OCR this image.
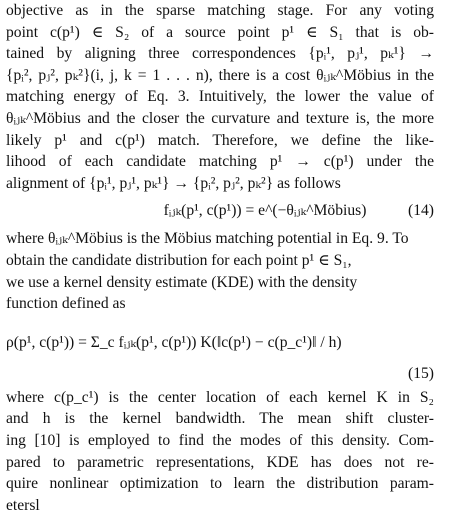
objective as in the sparse matching stage. For any voting
point c(p¹) ∈ S₂ of a source point p¹ ∈ S₁ that is ob-
tained by aligning three correspondences {pᵢ¹, pⱼ¹, pₖ¹} →
{pᵢ², pⱼ², pₖ²}(i, j, k = 1 . . . n), there is a cost θᵢⱼₖ^Möbius in the
matching energy of Eq. 3. Intuitively, the lower the value of
θᵢⱼₖ^Möbius and the closer the curvature and texture is, the more
likely p¹ and c(p¹) match. Therefore, we define the like-
lihood of each candidate matching p¹ → c(p¹) under the
alignment of {pᵢ¹, pⱼ¹, pₖ¹} → {pᵢ², pⱼ², pₖ²} as follows
fᵢⱼₖ(p¹, c(p¹)) = e^(−θᵢⱼₖ^Möbius)	(14)
where θᵢⱼₖ^Möbius is the Möbius matching potential in Eq. 9. To
obtain the candidate distribution for each point p¹ ∈ S₁,
we use a kernel density estimate (KDE) with the density
function defined as
ρ(p¹, c(p¹)) = Σ_c fᵢⱼₖ(p¹, c(p¹)) K(‖c(p¹) − c(p_c¹)‖ / h)
(15)
where c(p_c¹) is the center location of each kernel K in S₂
and h is the kernel bandwidth. The mean shift cluster-
ing [10] is employed to find the modes of this density. Com-
pared to parametric representations, KDE has does not re-
quire nonlinear optimization to learn the distribution param-
etersl
